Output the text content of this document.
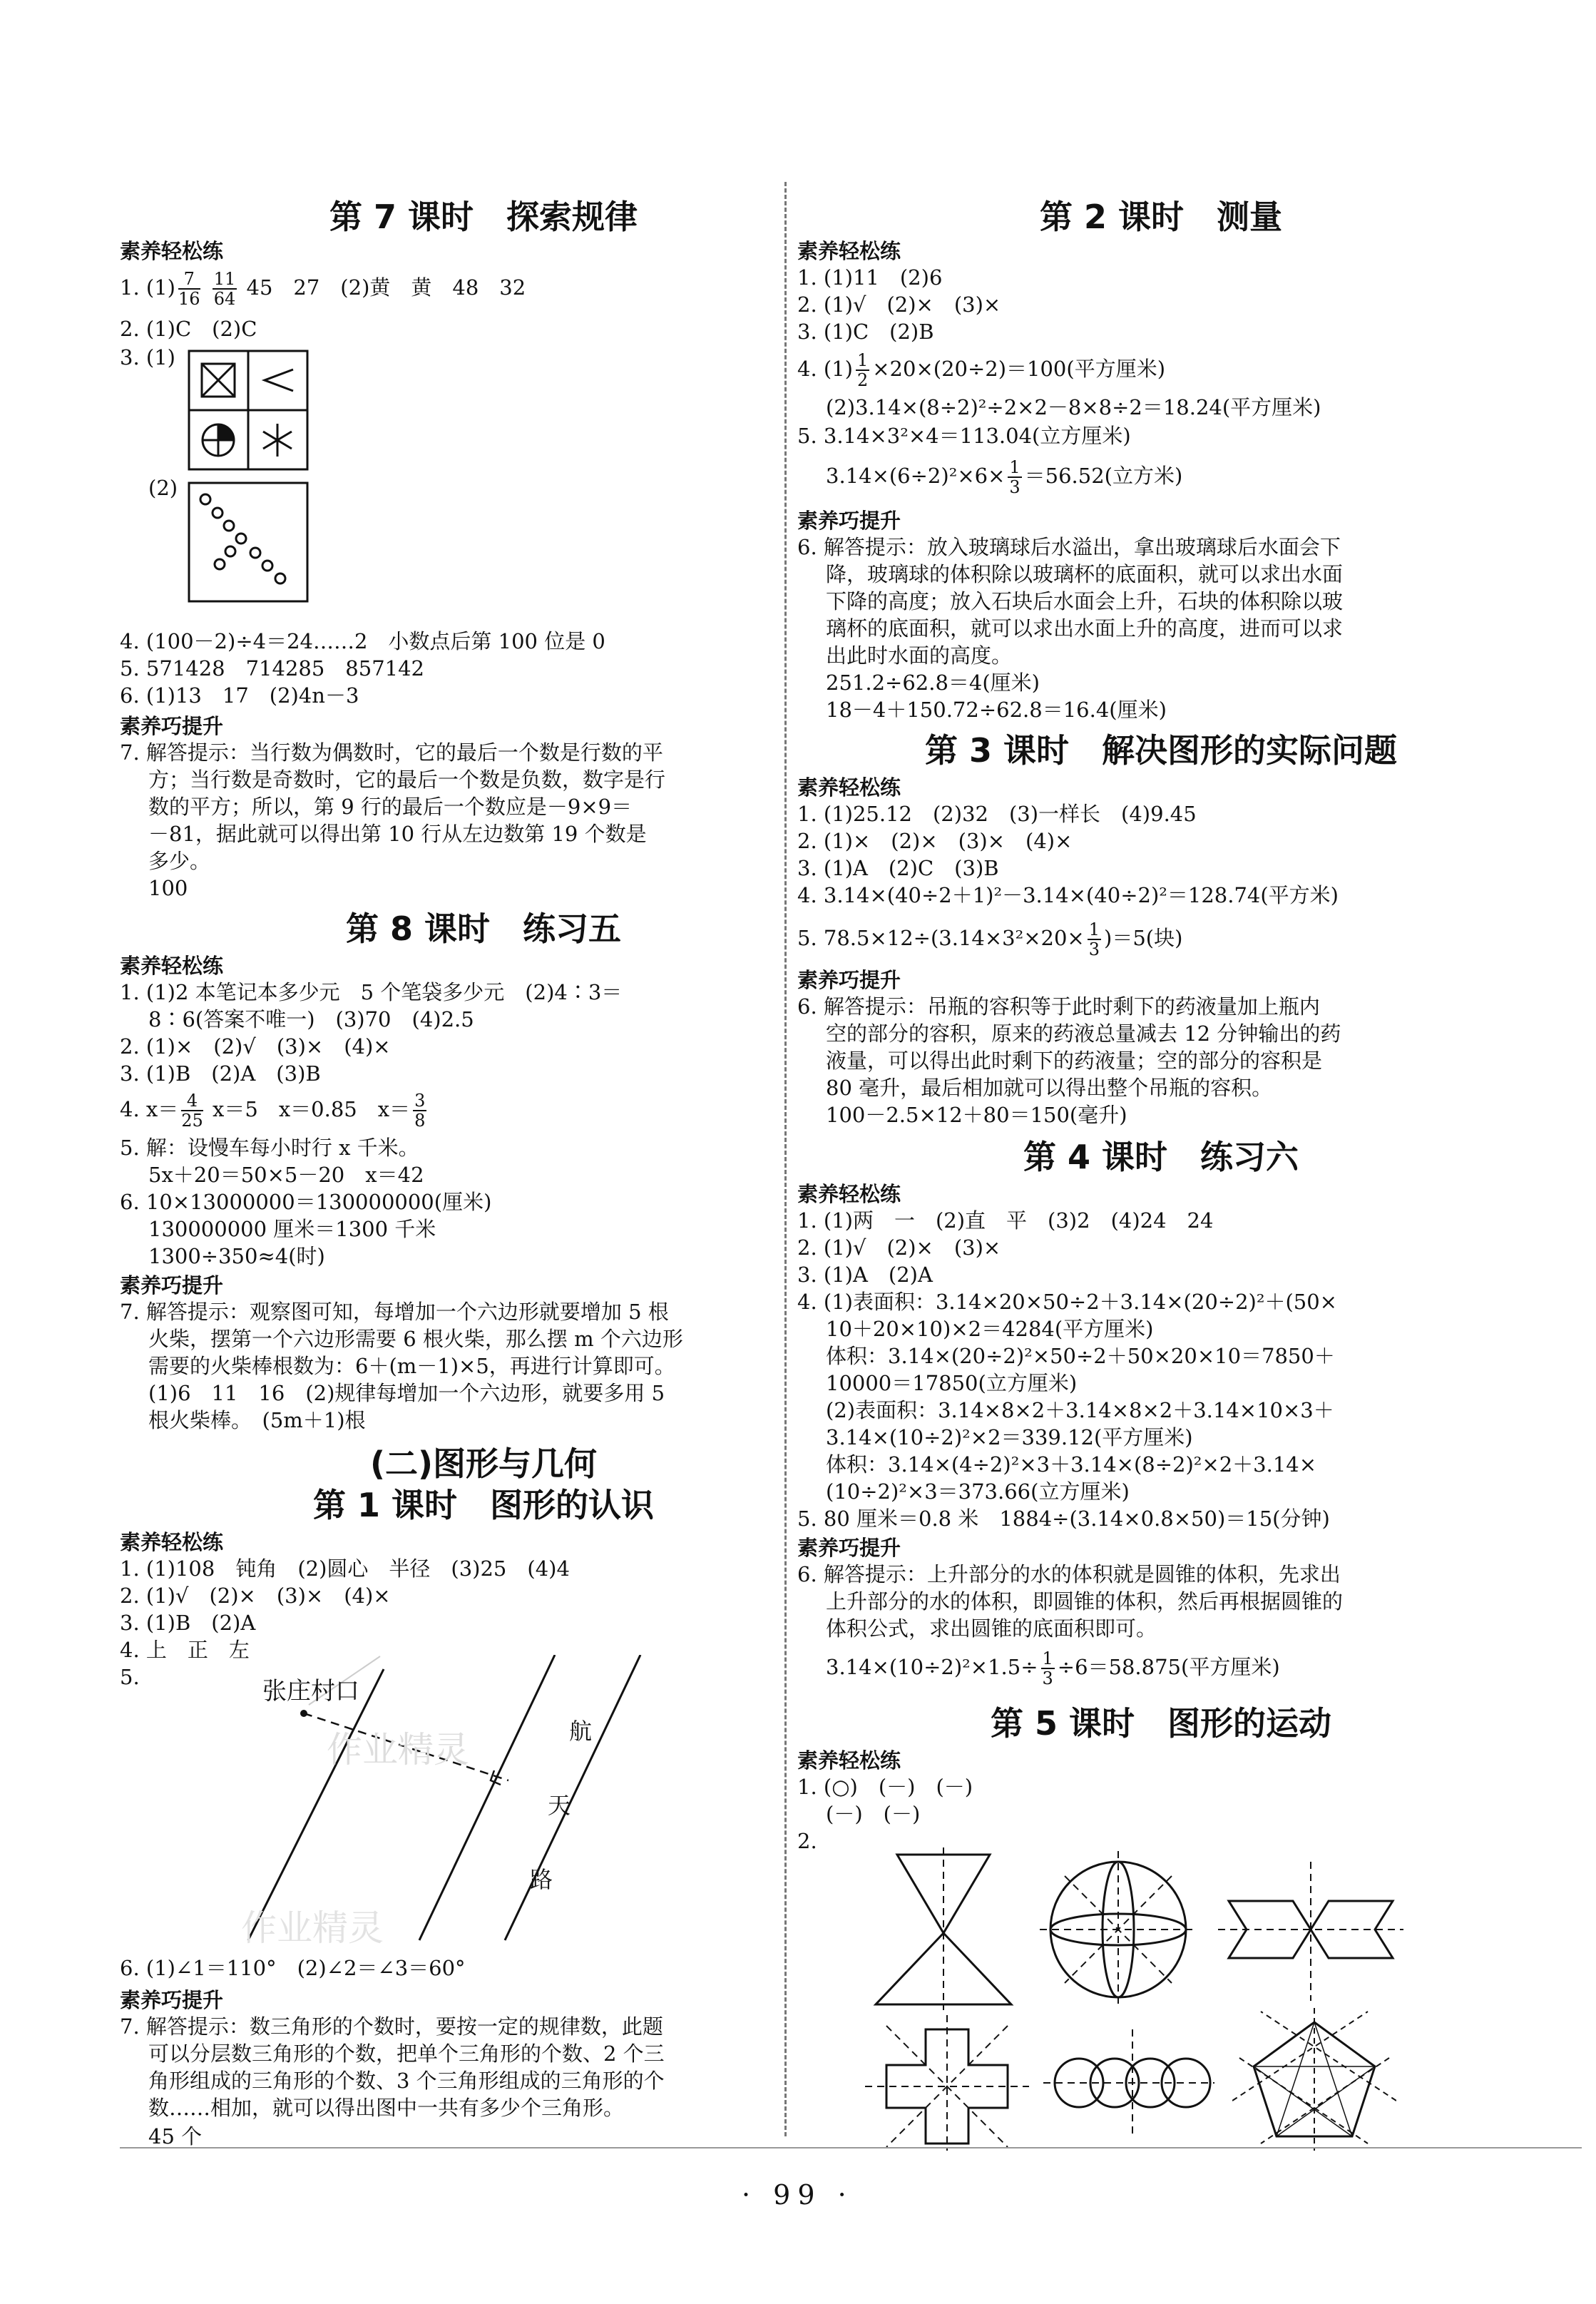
第 7 课时　探索规律
素养轻松练
1. $(1) \frac{7}{16}$
$\frac{11}{64} 45$　27　(2)黄　黄　48　32
2. (1)C　(2)C
3. (1)
(2)
4. (100－2)÷4＝24……2　小数点后第 100 位是 0
5. 571428　714285　857142
6. (1)13　17　(2)4n－3
素养巧提升
7. 解答提示：当行数为偶数时，它的最后一个数是行数的平
方；当行数是奇数时，它的最后一个数是负数，数字是行
数的平方；所以，第 9 行的最后一个数应是－9×9＝
－81，据此就可以得出第 10 行从左边数第 19 个数是
多少。
100
第 8 课时　练习五
素养轻松练
1. (1)2 本笔记本多少元　5 个笔袋多少元　(2)4∶3＝
8∶6(答案不唯一)　(3)70　(4)2.5
2. (1)×　(2)√　(3)×　(4)×
3. (1)B　(2)A　(3)B
4. $x= \frac{4}{25} x=5$　x＝0.85　$x= \frac{3}{8}$
5. 解：设慢车每小时行 x 千米。
5x＋20＝50×5－20　x＝42
6. 10×13000000＝130000000(厘米)
130000000 厘米＝1300 千米
1300÷350≈4(时)
素养巧提升
7. 解答提示：观察图可知，每增加一个六边形就要增加 5 根
火柴，摆第一个六边形需要 6 根火柴，那么摆 m 个六边形
需要的火柴棒根数为：6＋(m－1)×5，再进行计算即可。
(1)6　11　16　(2)规律每增加一个六边形，就要多用 5
根火柴棒。　(5m＋1)根
(二)图形与几何
第 1 课时　图形的认识
素养轻松练
1. (1)108　钝角　(2)圆心　半径　(3)25　(4)4
2. (1)√　(2)×　(3)×　(4)×
3. (1)B　(2)A
4. 上　正　左
5.	张庄村口
航
天
路
作业精灵
作业精灵
6. (1)∠1＝110°　(2)∠2＝∠3＝60°
素养巧提升
7. 解答提示：数三角形的个数时，要按一定的规律数，此题
可以分层数三角形的个数，把单个三角形的个数、2 个三
角形组成的三角形的个数、3 个三角形组成的三角形的个
数……相加，就可以得出图中一共有多少个三角形。
45 个
第 2 课时　测量
素养轻松练
1. (1)11　(2)6
2. (1)√　(2)×　(3)×
3. (1)C　(2)B
4. $(1) \frac{1}{2} \times 20\times(20\div 2)=100$(平方厘米)
(2)3.14×(8÷2)²÷2×2－8×8÷2＝18.24(平方厘米)
5. 3.14×3²×4＝113.04(立方厘米)
$3.14\times(6\div 2)^2\times 6\times \frac{1}{3} =56.52$(立方米)
素养巧提升
6. 解答提示：放入玻璃球后水溢出，拿出玻璃球后水面会下
降，玻璃球的体积除以玻璃杯的底面积，就可以求出水面
下降的高度；放入石块后水面会上升，石块的体积除以玻
璃杯的底面积，就可以求出水面上升的高度，进而可以求
出此时水面的高度。
251.2÷62.8＝4(厘米)
18－4＋150.72÷62.8＝16.4(厘米)
第 3 课时　解决图形的实际问题
素养轻松练
1. (1)25.12　(2)32　(3)一样长　(4)9.45
2. (1)×　(2)×　(3)×　(4)×
3. (1)A　(2)C　(3)B
4. 3.14×(40÷2＋1)²－3.14×(40÷2)²＝128.74(平方米)
5. $78.5\times 12\div(3.14\times 3^2\times 20\times \frac{1}{3} )=5$(块)
素养巧提升
6. 解答提示：吊瓶的容积等于此时剩下的药液量加上瓶内
空的部分的容积，原来的药液总量减去 12 分钟输出的药
液量，可以得出此时剩下的药液量；空的部分的容积是
80 毫升，最后相加就可以得出整个吊瓶的容积。
100－2.5×12＋80＝150(毫升)
第 4 课时　练习六
素养轻松练
1. (1)两　一　(2)直　平　(3)2　(4)24　24
2. (1)√　(2)×　(3)×
3. (1)A　(2)A
4. (1)表面积：3.14×20×50÷2＋3.14×(20÷2)²＋(50×
10＋20×10)×2＝4284(平方厘米)
体积：3.14×(20÷2)²×50÷2＋50×20×10＝7850＋
10000＝17850(立方厘米)
(2)表面积：3.14×8×2＋3.14×8×2＋3.14×10×3＋
3.14×(10÷2)²×2＝339.12(平方厘米)
体积：3.14×(4÷2)²×3＋3.14×(8÷2)²×2＋3.14×
(10÷2)²×3＝373.66(立方厘米)
5. 80 厘米＝0.8 米　1884÷(3.14×0.8×50)＝15(分钟)
素养巧提升
6. 解答提示：上升部分的水的体积就是圆锥的体积，先求出
上升部分的水的体积，即圆锥的体积，然后再根据圆锥的
体积公式，求出圆锥的底面积即可。
$3.14\times(10\div 2)^2\times 1.5\div \frac{1}{3} \div 6=58.875$(平方厘米)
第 5 课时　图形的运动
素养轻松练
1. (○)　(－)　(－)
(－)　(－)
2.
· 99 ·
